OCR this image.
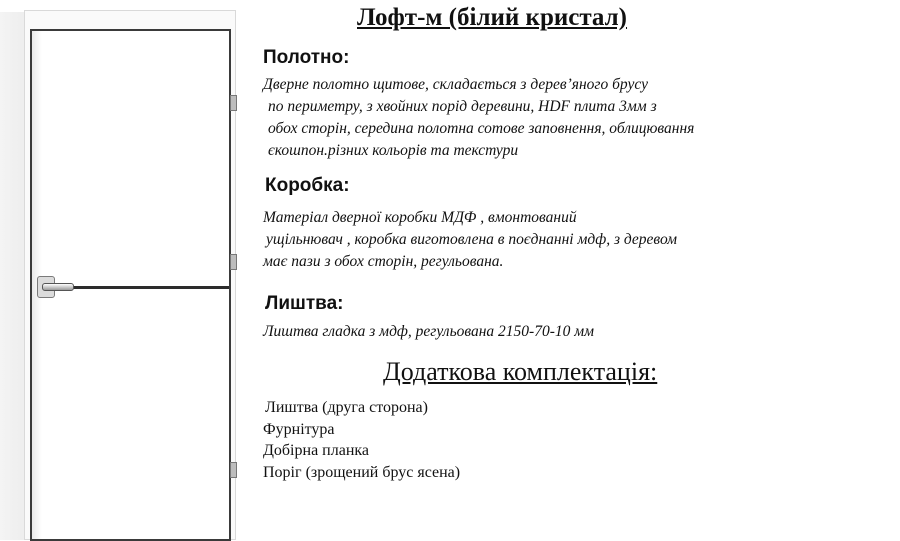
Лофт-м (білий кристал)
Полотно:
Дверне полотно щитове, складається з дерев’яного брусу
по периметру, з хвойних порід деревини, HDF плита 3мм з
обох сторін, середина полотна сотове заповнення, облицювання
єкошпон.різних кольорів та текстури
Коробка:
Матеріал дверної коробки МДФ , вмонтований
ущільнювач , коробка виготовлена в поєднанні мдф, з деревом
має пази з обох сторін, регульована.
Лиштва:
Лиштва гладка з мдф, регульована 2150-70-10 мм
Додаткова комплектація:
Лиштва (друга сторона)
Фурнітура
Добірна планка
Поріг (зрощений брус ясена)
